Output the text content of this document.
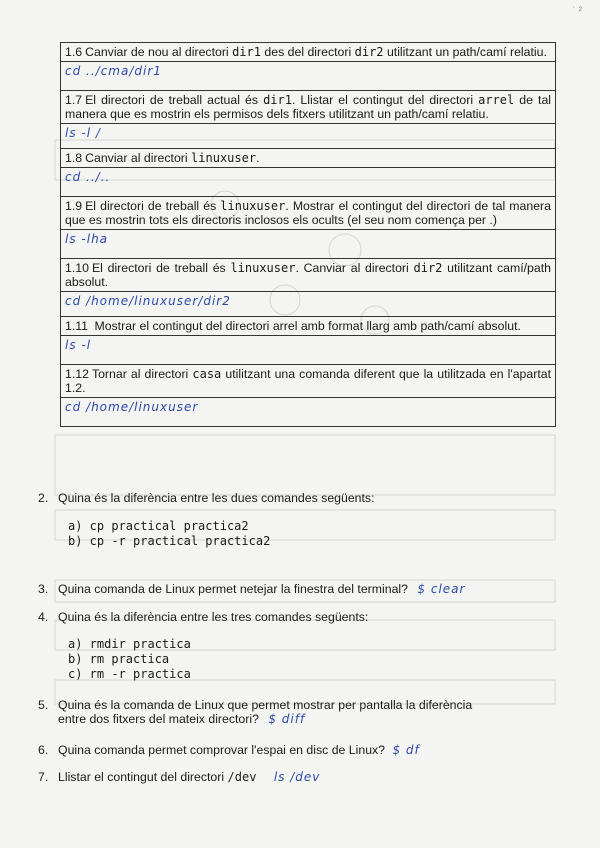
˙ ²
1.6 Canviar de nou al directori dir1 des del directori dir2 utilitzant un path/camí relatiu.
cd ../cma/dir1
1.7 El directori de treball actual és dir1. Llistar el contingut del directori arrel de tal manera que es mostrin els permisos dels fitxers utilitzant un path/camí relatiu.
ls -l /
1.8 Canviar al directori linuxuser.
cd ../..
1.9 El directori de treball és linuxuser. Mostrar el contingut del directori de tal manera que es mostrin tots els directoris inclosos els ocults (el seu nom comença per .)
ls -lha
1.10 El directori de treball és linuxuser. Canviar al directori dir2 utilitzant camí/path absolut.
cd /home/linuxuser/dir2
1.11 Mostrar el contingut del directori arrel amb format llarg amb path/camí absolut.
ls -l
1.12 Tornar al directori casa utilitzant una comanda diferent que la utilitzada en l'apartat 1.2.
cd /home/linuxuser
2. Quina és la diferència entre les dues comandes següents:
a) cp practical practica2
b) cp -r practical practica2
3. Quina comanda de Linux permet netejar la finestra del terminal? $ clear
4. Quina és la diferència entre les tres comandes següents:
a) rmdir practica
b) rm practica
c) rm -r practica
5. Quina és la comanda de Linux que permet mostrar per pantalla la diferència
entre dos fitxers del mateix directori? $ diff
6. Quina comanda permet comprovar l'espai en disc de Linux? $ df
7. Llistar el contingut del directori /dev ls /dev
